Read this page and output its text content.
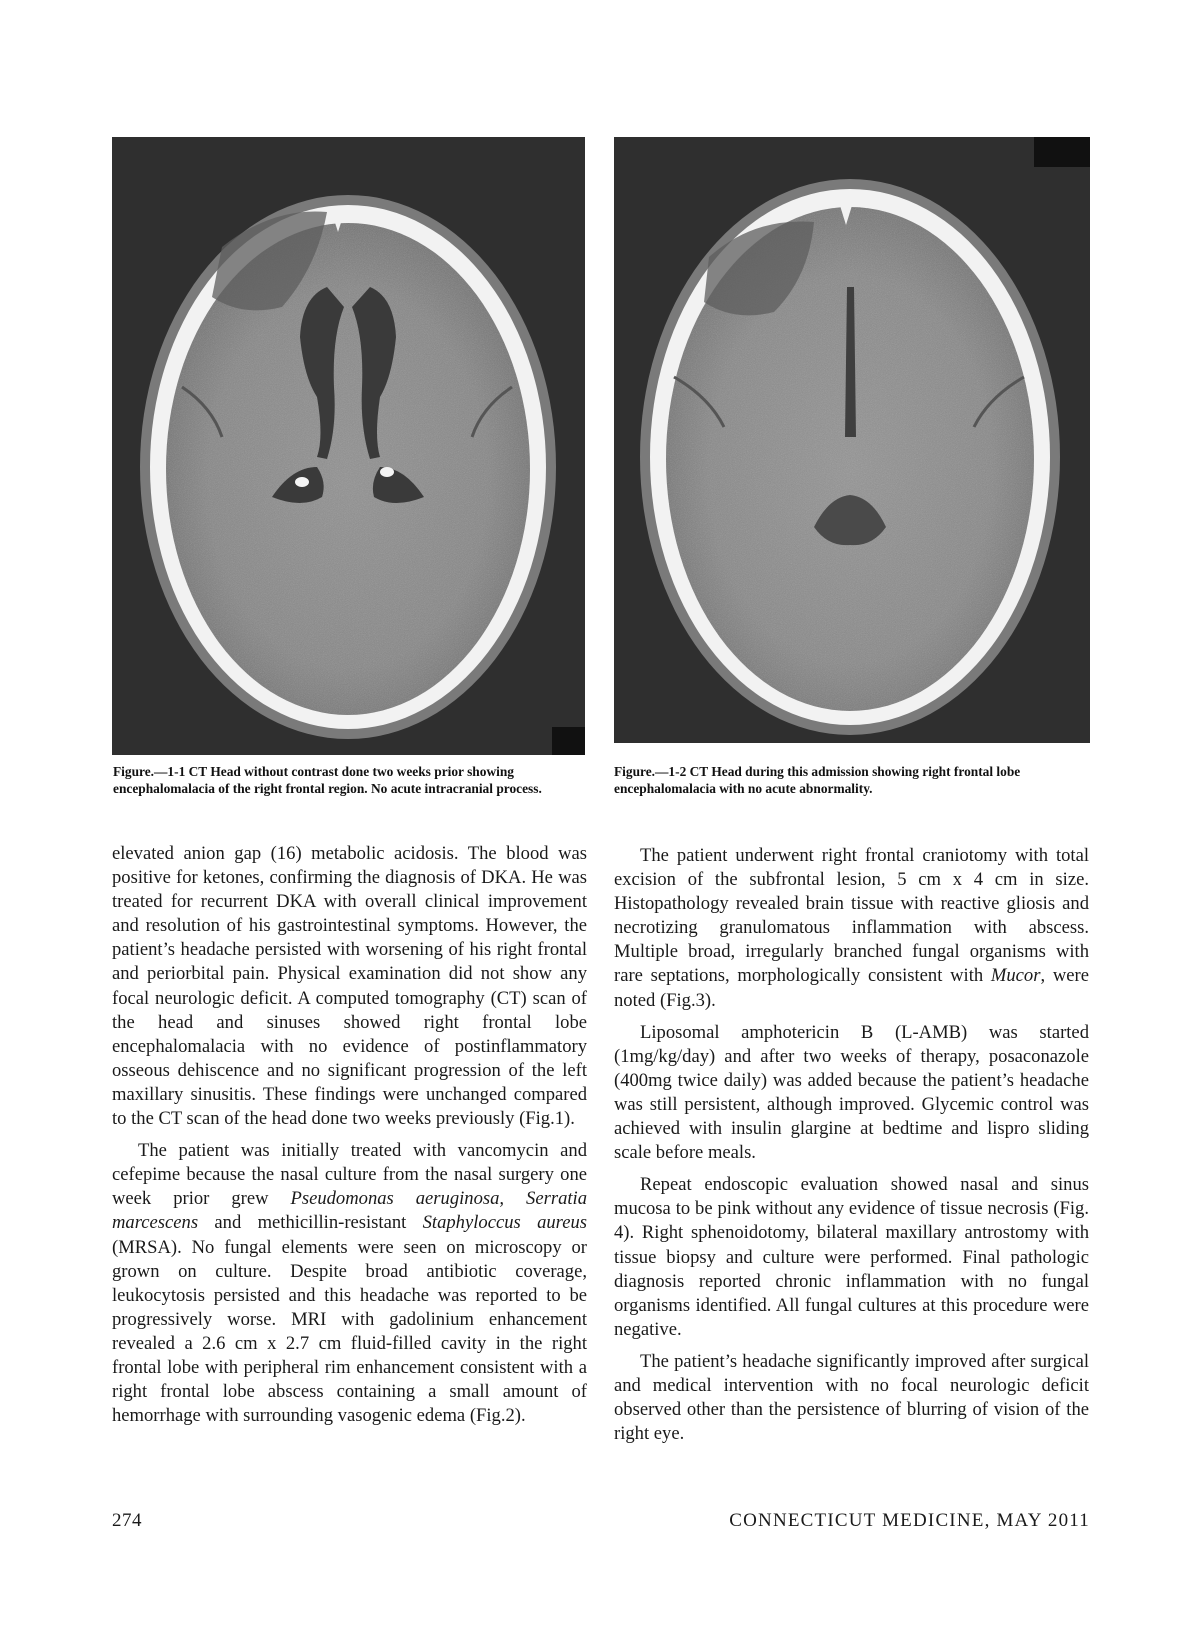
Figure.—1-1 CT Head without contrast done two weeks prior showing encephalomalacia of the right frontal region. No acute intracranial process.
Figure.—1-2 CT Head during this admission showing right frontal lobe encephalomalacia with no acute abnormality.

elevated anion gap (16) metabolic acidosis. The blood was positive for ketones, confirming the diagnosis of DKA. He was treated for recurrent DKA with overall clinical improvement and resolution of his gastrointestinal symptoms. However, the patient’s headache persisted with worsening of his right frontal and periorbital pain. Physical examination did not show any focal neurologic deficit. A computed tomography (CT) scan of the head and sinuses showed right frontal lobe encephalomalacia with no evidence of postinflammatory osseous dehiscence and no significant progression of the left maxillary sinusitis. These findings were unchanged compared to the CT scan of the head done two weeks previously (Fig.1).

The patient was initially treated with vancomycin and cefepime because the nasal culture from the nasal surgery one week prior grew Pseudomonas aeruginosa, Serratia marcescens and methicillin-resistant Staphyloccus aureus (MRSA). No fungal elements were seen on microscopy or grown on culture. Despite broad antibiotic coverage, leukocytosis persisted and this headache was reported to be progressively worse. MRI with gadolinium enhancement revealed a 2.6 cm x 2.7 cm fluid-filled cavity in the right frontal lobe with peripheral rim enhancement consistent with a right frontal lobe abscess containing a small amount of hemorrhage with surrounding vasogenic edema (Fig.2).

The patient underwent right frontal craniotomy with total excision of the subfrontal lesion, 5 cm x 4 cm in size. Histopathology revealed brain tissue with reactive gliosis and necrotizing granulomatous inflammation with abscess. Multiple broad, irregularly branched fungal organisms with rare septations, morphologically consistent with Mucor, were noted (Fig.3).

Liposomal amphotericin B (L-AMB) was started (1mg/kg/day) and after two weeks of therapy, posaconazole (400mg twice daily) was added because the patient’s headache was still persistent, although improved. Glycemic control was achieved with insulin glargine at bedtime and lispro sliding scale before meals.

Repeat endoscopic evaluation showed nasal and sinus mucosa to be pink without any evidence of tissue necrosis (Fig. 4). Right sphenoidotomy, bilateral maxillary antrostomy with tissue biopsy and culture were performed. Final pathologic diagnosis reported chronic inflammation with no fungal organisms identified. All fungal cultures at this procedure were negative.

The patient’s headache significantly improved after surgical and medical intervention with no focal neurologic deficit observed other than the persistence of blurring of vision of the right eye.

274	CONNECTICUT MEDICINE, MAY 2011
